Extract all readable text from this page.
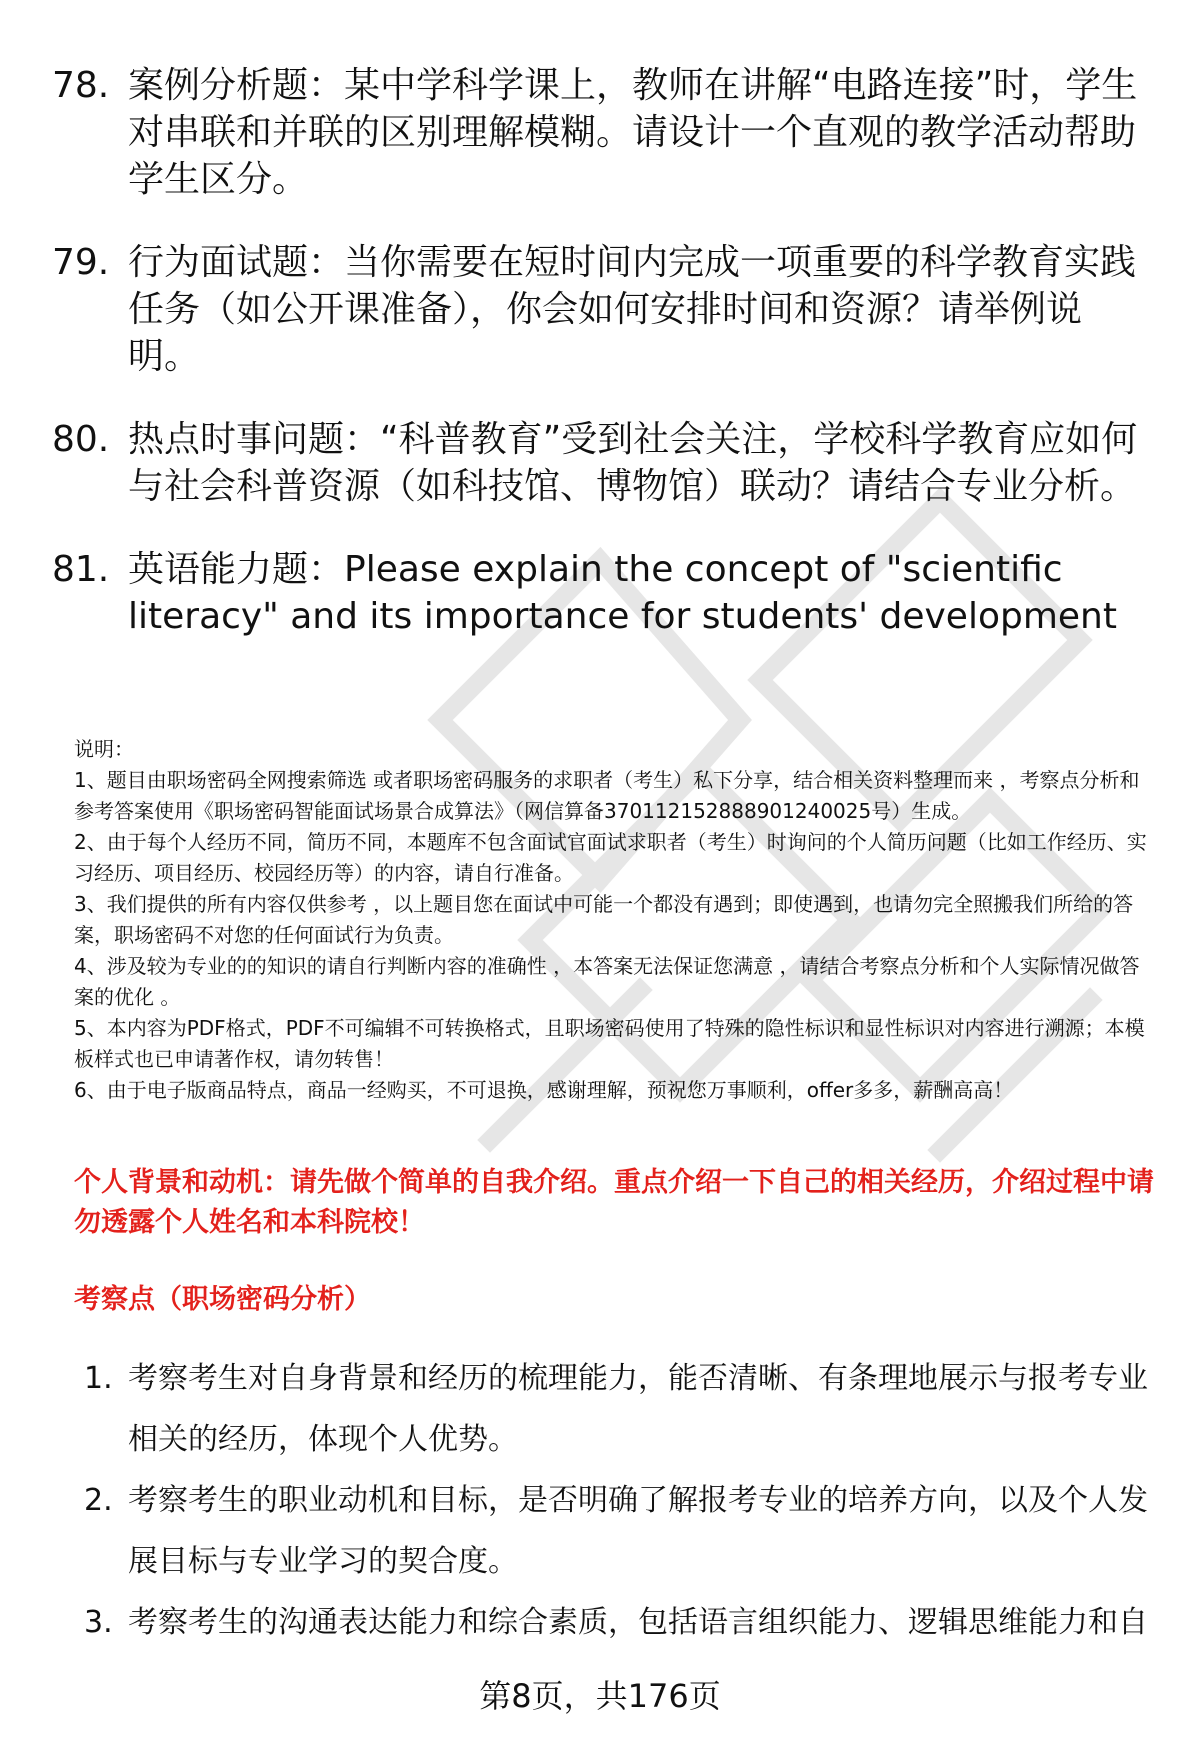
78. 案例分析题：某中学科学课上，教师在讲解“电路连接”时，学生对串联和并联的区别理解模糊。请设计一个直观的教学活动帮助学生区分。
79. 行为面试题：当你需要在短时间内完成一项重要的科学教育实践任务（如公开课准备），你会如何安排时间和资源？请举例说明。
80. 热点时事问题：“科普教育”受到社会关注，学校科学教育应如何与社会科普资源（如科技馆、博物馆）联动？请结合专业分析。
81. 英语能力题：Please explain the concept of "scientific literacy" and its importance for students' development

说明：

1、题目由职场密码全网搜索筛选 或者职场密码服务的求职者（考生）私下分享，结合相关资料整理而来 ，考察点分析和参考答案使用《职场密码智能面试场景合成算法》（网信算备370112152888901240025号）生成。

2、由于每个人经历不同，简历不同，本题库不包含面试官面试求职者（考生）时询问的个人简历问题（比如工作经历、实习经历、项目经历、校园经历等）的内容，请自行准备。

3、我们提供的所有内容仅供参考 ，以上题目您在面试中可能一个都没有遇到；即使遇到，也请勿完全照搬我们所给的答案，职场密码不对您的任何面试行为负责。

4、涉及较为专业的的知识的请自行判断内容的准确性 ，本答案无法保证您满意 ，请结合考察点分析和个人实际情况做答案的优化 。

5、本内容为PDF格式，PDF不可编辑不可转换格式，且职场密码使用了特殊的隐性标识和显性标识对内容进行溯源；本模板样式也已申请著作权，请勿转售！

6、由于电子版商品特点，商品一经购买，不可退换，感谢理解，预祝您万事顺利，offer多多，薪酬高高！

个人背景和动机：请先做个简单的自我介绍。重点介绍一下自己的相关经历，介绍过程中请勿透露个人姓名和本科院校！
考察点（职场密码分析）
1. 考察考生对自身背景和经历的梳理能力，能否清晰、有条理地展示与报考专业相关的经历，体现个人优势。
2. 考察考生的职业动机和目标，是否明确了解报考专业的培养方向，以及个人发展目标与专业学习的契合度。
3. 考察考生的沟通表达能力和综合素质，包括语言组织能力、逻辑思维能力和自
第8页，共176页
